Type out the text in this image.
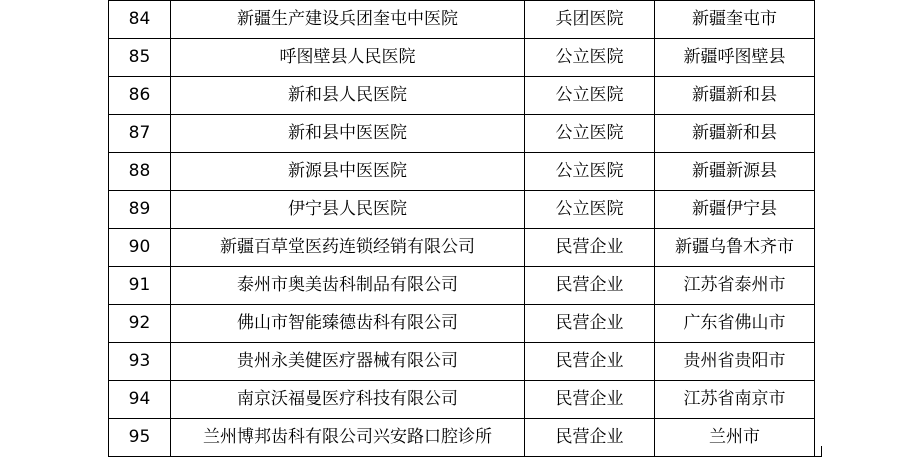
84	新疆生产建设兵团奎屯中医院	兵团医院	新疆奎屯市
85	呼图壁县人民医院	公立医院	新疆呼图壁县
86	新和县人民医院	公立医院	新疆新和县
87	新和县中医医院	公立医院	新疆新和县
88	新源县中医医院	公立医院	新疆新源县
89	伊宁县人民医院	公立医院	新疆伊宁县
90	新疆百草堂医药连锁经销有限公司	民营企业	新疆乌鲁木齐市
91	泰州市奥美齿科制品有限公司	民营企业	江苏省泰州市
92	佛山市智能臻德齿科有限公司	民营企业	广东省佛山市
93	贵州永美健医疗器械有限公司	民营企业	贵州省贵阳市
94	南京沃福曼医疗科技有限公司	民营企业	江苏省南京市
95	兰州博邦齿科有限公司兴安路口腔诊所	民营企业	兰州市
